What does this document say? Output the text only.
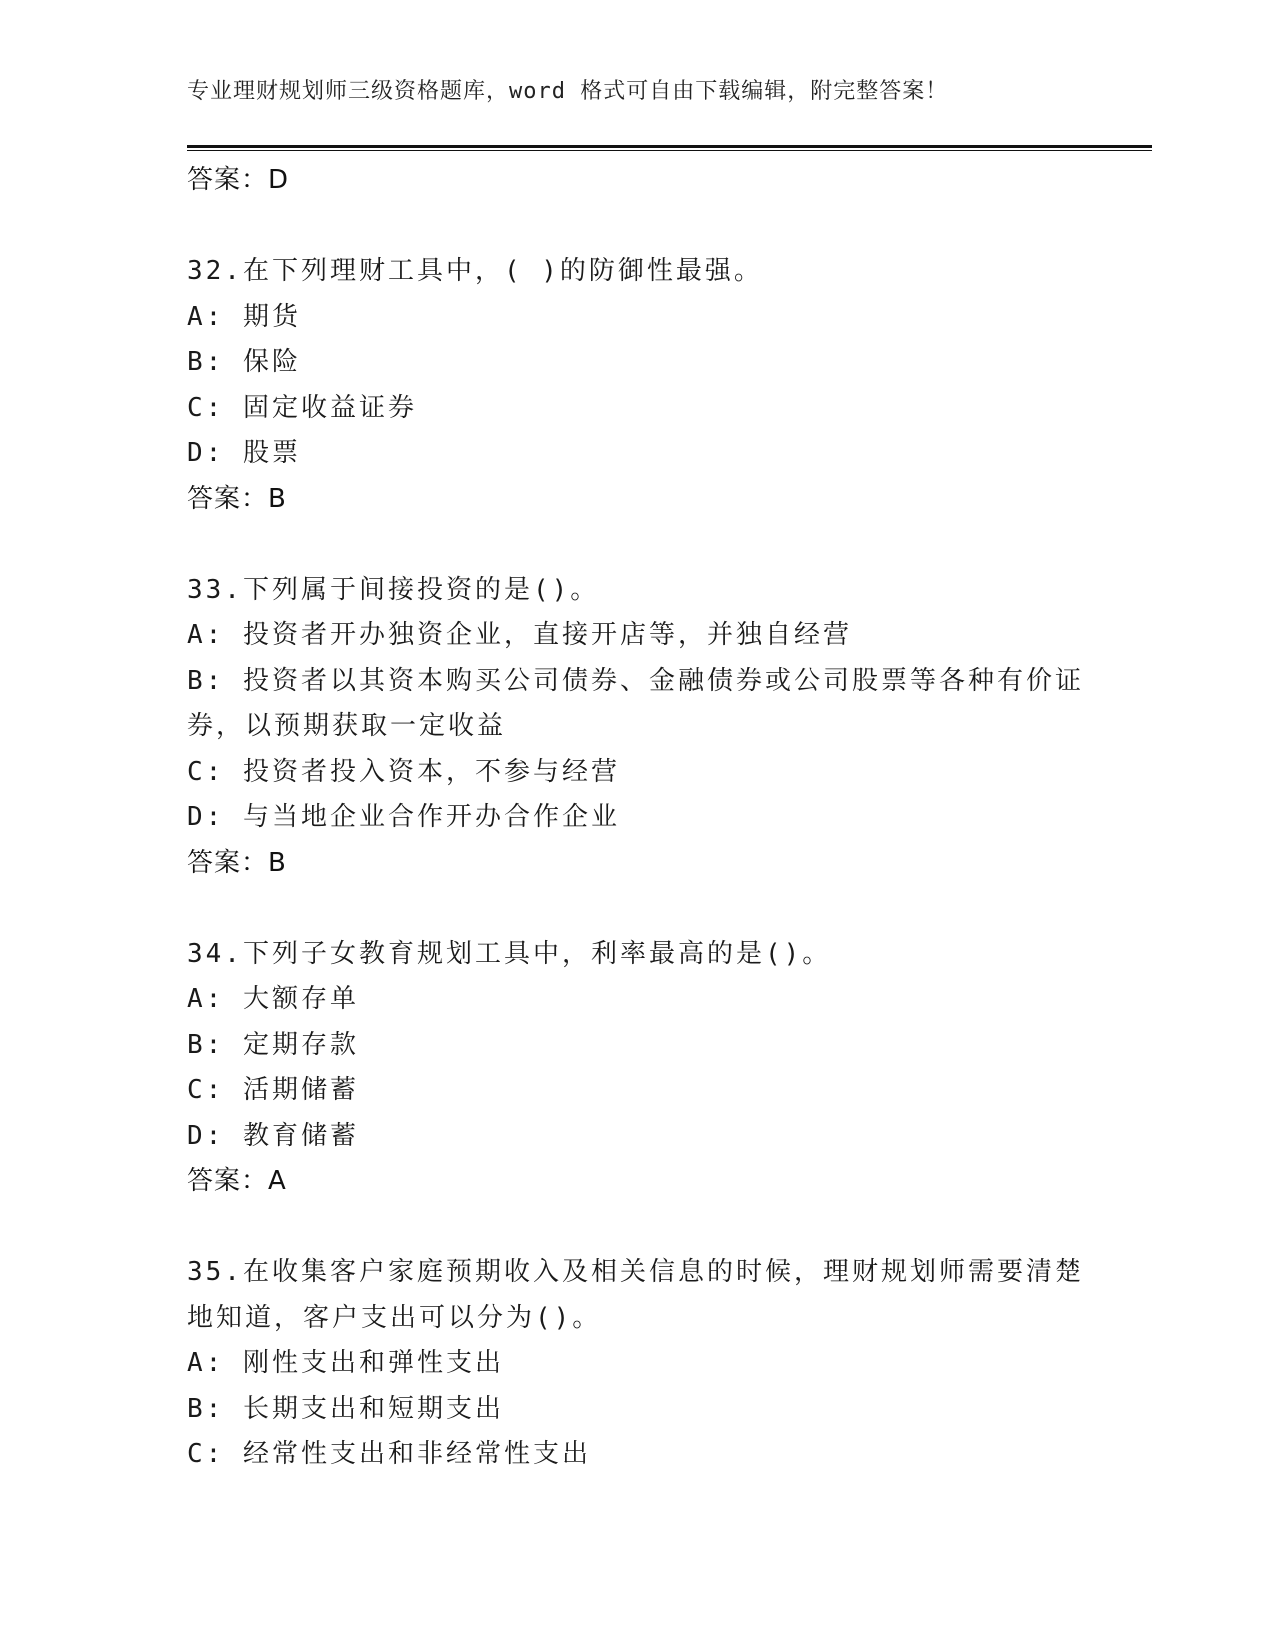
专业理财规划师三级资格题库，word 格式可自由下载编辑，附完整答案！
答案：D
32.在下列理财工具中，( )的防御性最强。
A: 期货
B: 保险
C: 固定收益证券
D: 股票
答案：B
33.下列属于间接投资的是()。
A: 投资者开办独资企业，直接开店等，并独自经营
B: 投资者以其资本购买公司债券、金融债券或公司股票等各种有价证
券，以预期获取一定收益
C: 投资者投入资本，不参与经营
D: 与当地企业合作开办合作企业
答案：B
34.下列子女教育规划工具中，利率最高的是()。
A: 大额存单
B: 定期存款
C: 活期储蓄
D: 教育储蓄
答案：A
35.在收集客户家庭预期收入及相关信息的时候，理财规划师需要清楚
地知道，客户支出可以分为()。
A: 刚性支出和弹性支出
B: 长期支出和短期支出
C: 经常性支出和非经常性支出
